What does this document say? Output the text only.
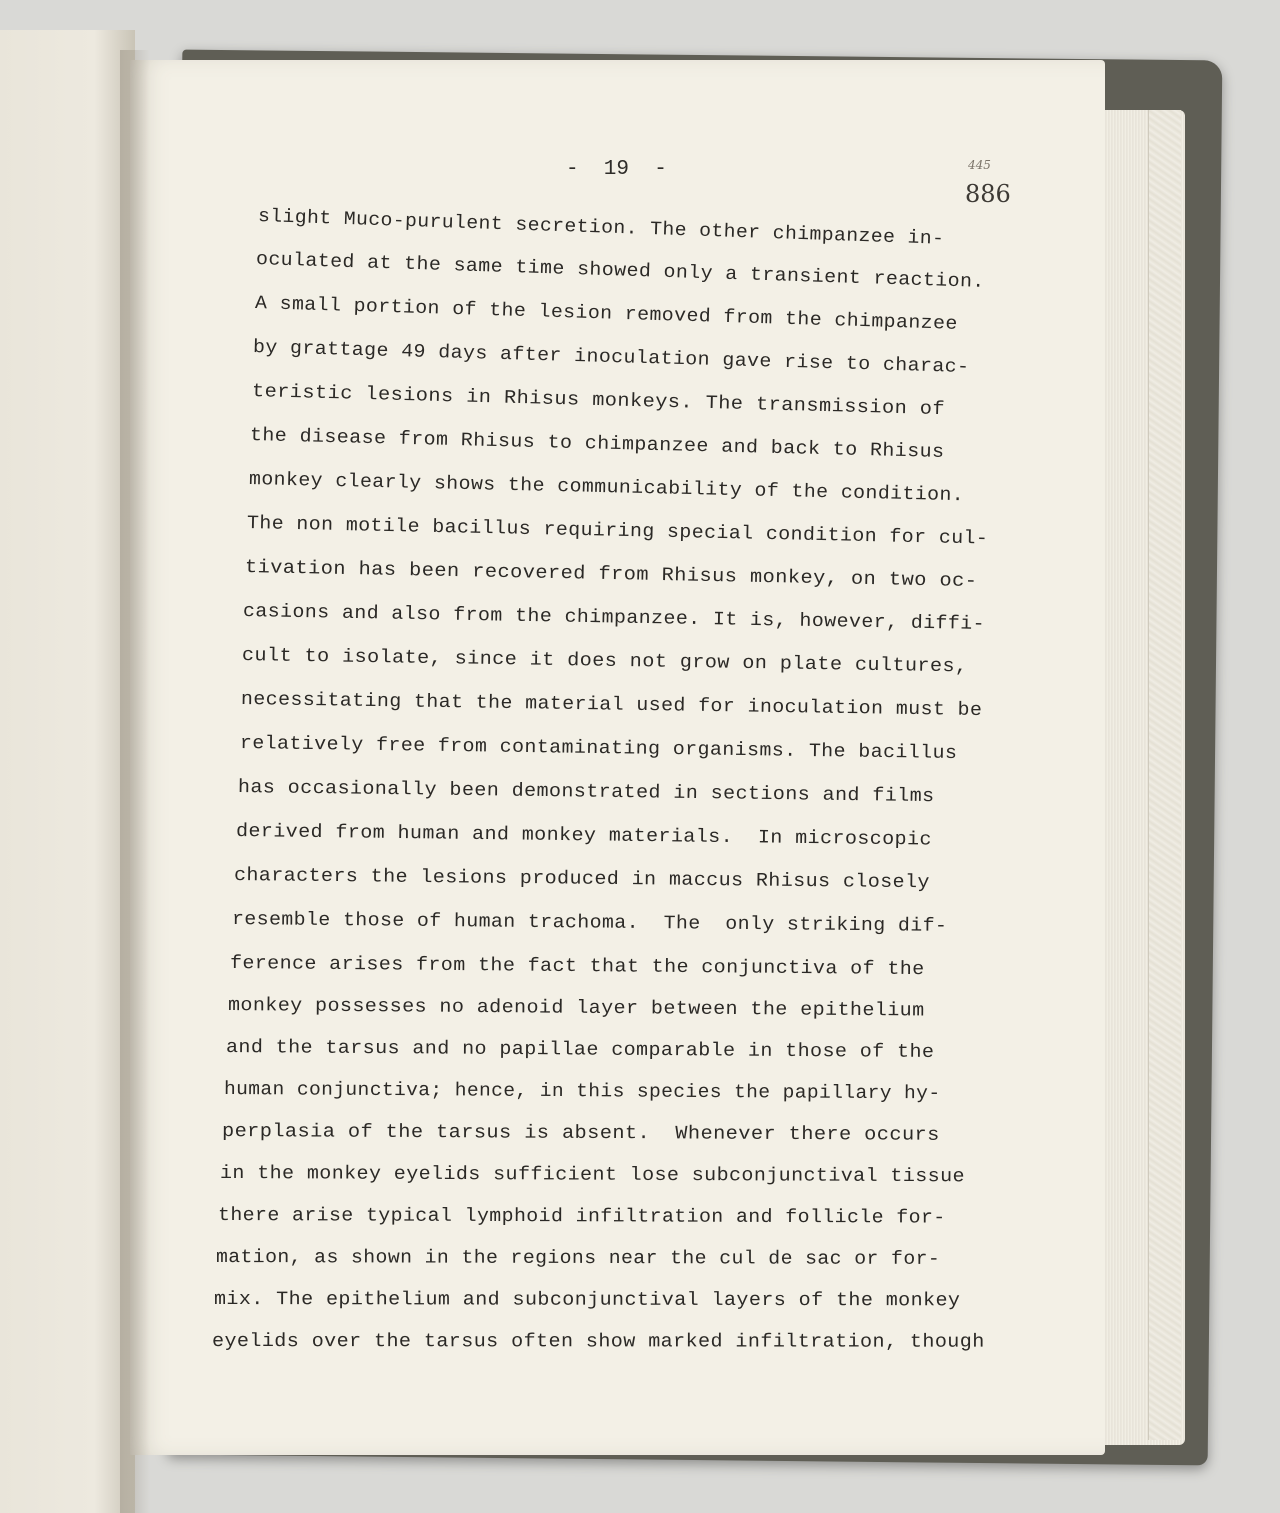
-  19  -	445
886
slight Muco-purulent secretion. The other chimpanzee in-
oculated at the same time showed only a transient reaction.
A small portion of the lesion removed from the chimpanzee
by grattage 49 days after inoculation gave rise to charac-
teristic lesions in Rhisus monkeys. The transmission of
the disease from Rhisus to chimpanzee and back to Rhisus
monkey clearly shows the communicability of the condition.
The non motile bacillus requiring special condition for cul-
tivation has been recovered from Rhisus monkey, on two oc-
casions and also from the chimpanzee. It is, however, diffi-
cult to isolate, since it does not grow on plate cultures,
necessitating that the material used for inoculation must be
relatively free from contaminating organisms. The bacillus
has occasionally been demonstrated in sections and films
derived from human and monkey materials.  In microscopic
characters the lesions produced in maccus Rhisus closely
resemble those of human trachoma.  The  only striking dif-
ference arises from the fact that the conjunctiva of the
monkey possesses no adenoid layer between the epithelium
and the tarsus and no papillae comparable in those of the
human conjunctiva; hence, in this species the papillary hy-
perplasia of the tarsus is absent.  Whenever there occurs
in the monkey eyelids sufficient lose subconjunctival tissue
there arise typical lymphoid infiltration and follicle for-
mation, as shown in the regions near the cul de sac or for-
mix. The epithelium and subconjunctival layers of the monkey
eyelids over the tarsus often show marked infiltration, though
